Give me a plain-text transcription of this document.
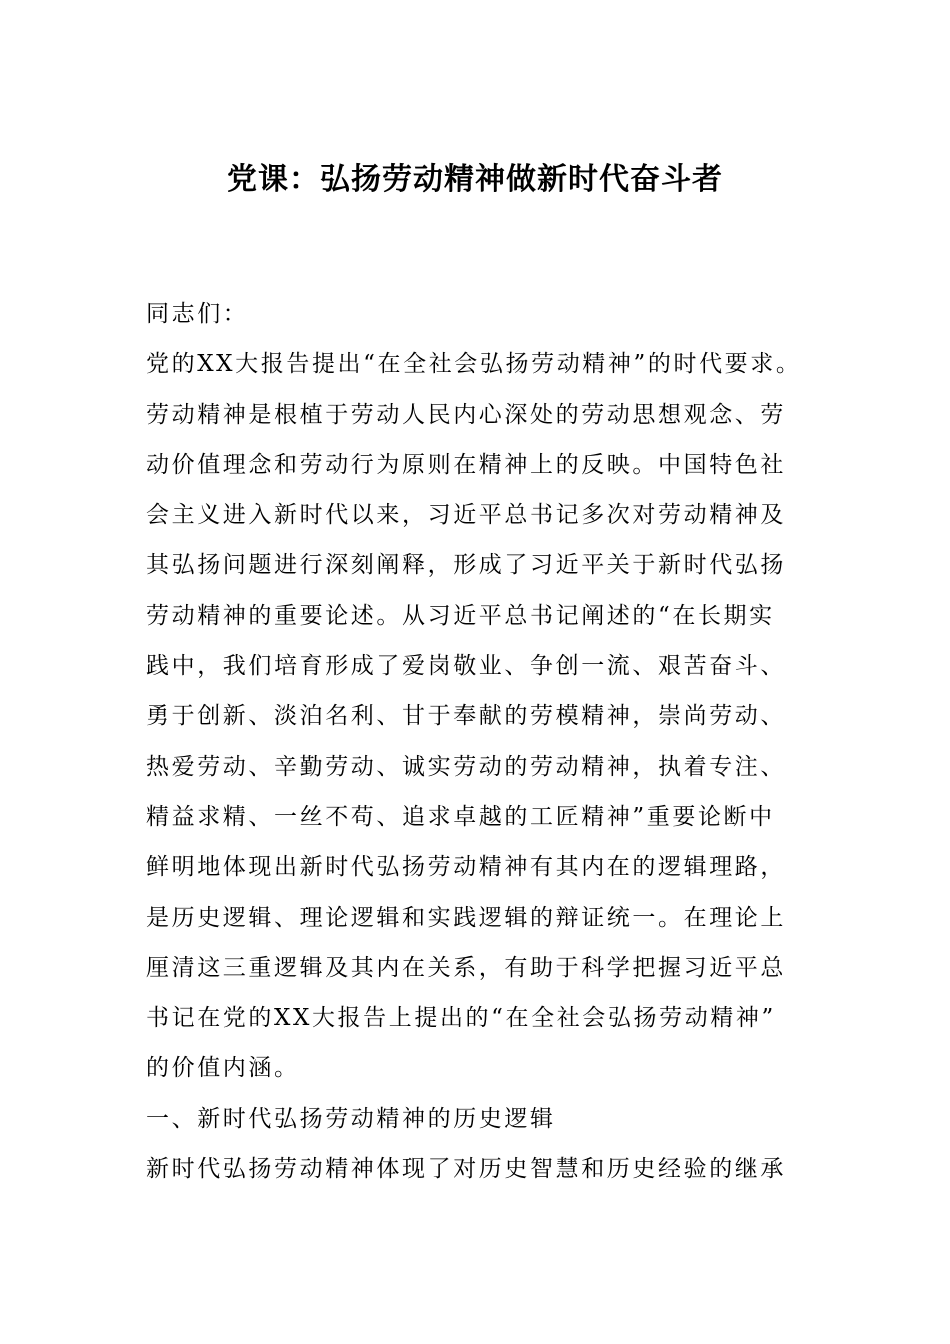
党课：弘扬劳动精神做新时代奋斗者
同志们：
党的XX大报告提出“在全社会弘扬劳动精神”的时代要求。
劳动精神是根植于劳动人民内心深处的劳动思想观念、劳
动价值理念和劳动行为原则在精神上的反映。中国特色社
会主义进入新时代以来，习近平总书记多次对劳动精神及
其弘扬问题进行深刻阐释，形成了习近平关于新时代弘扬
劳动精神的重要论述。从习近平总书记阐述的“在长期实
践中，我们培育形成了爱岗敬业、争创一流、艰苦奋斗、
勇于创新、淡泊名利、甘于奉献的劳模精神，崇尚劳动、
热爱劳动、辛勤劳动、诚实劳动的劳动精神，执着专注、
精益求精、一丝不苟、追求卓越的工匠精神”重要论断中
鲜明地体现出新时代弘扬劳动精神有其内在的逻辑理路，
是历史逻辑、理论逻辑和实践逻辑的辩证统一。在理论上
厘清这三重逻辑及其内在关系，有助于科学把握习近平总
书记在党的XX大报告上提出的“在全社会弘扬劳动精神”
的价值内涵。
一、新时代弘扬劳动精神的历史逻辑
新时代弘扬劳动精神体现了对历史智慧和历史经验的继承
